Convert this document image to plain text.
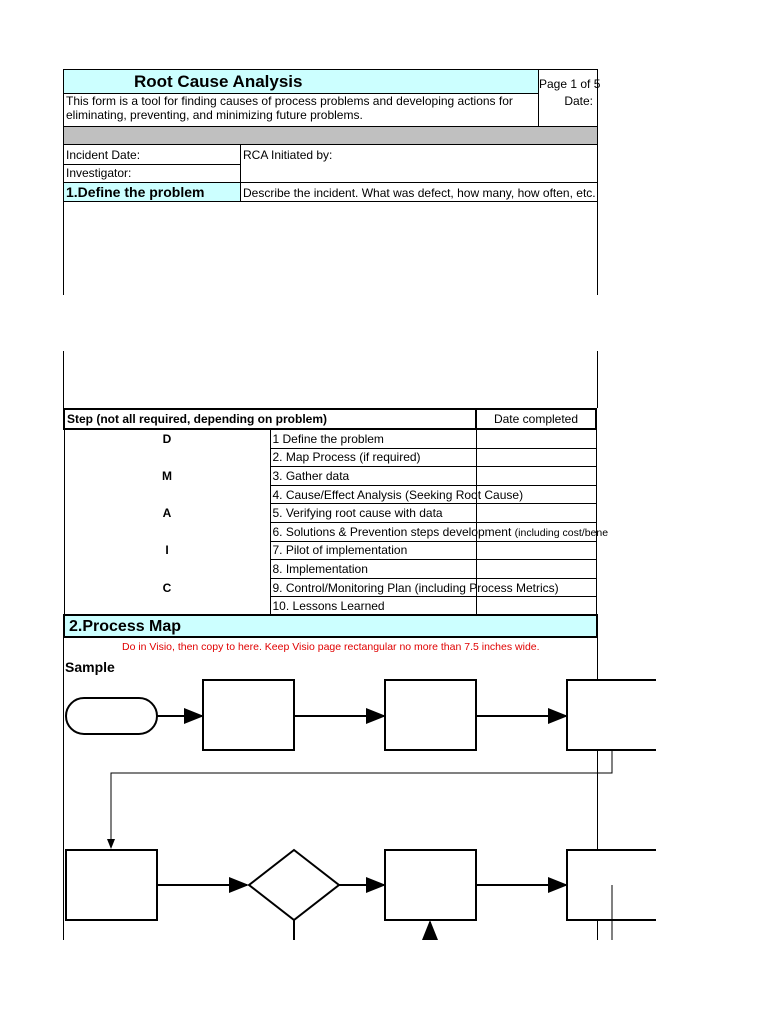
Root Cause Analysis	Page 1 of 5
Date:
This form is a tool for finding causes of process problems and developing actions for eliminating, preventing, and minimizing future problems.
Incident Date:	RCA Initiated by:
Investigator:
1.Define the problem	Describe the incident. What was defect, how many, how often, etc.
Step (not all required, depending on problem)		Date completed
D	1 Define the problem	
	2. Map Process (if required)	
M	3. Gather data	
	4. Cause/Effect Analysis (Seeking Root Cause)	
A	5. Verifying root cause with data	
	6. Solutions & Prevention steps development (including cost/bene	
I	7. Pilot of implementation	
	8. Implementation	
C	9. Control/Monitoring Plan (including Process Metrics)	
	10. Lessons Learned	
2.Process Map
Do in Visio, then copy to here. Keep Visio page rectangular no more than 7.5 inches wide.
Sample
